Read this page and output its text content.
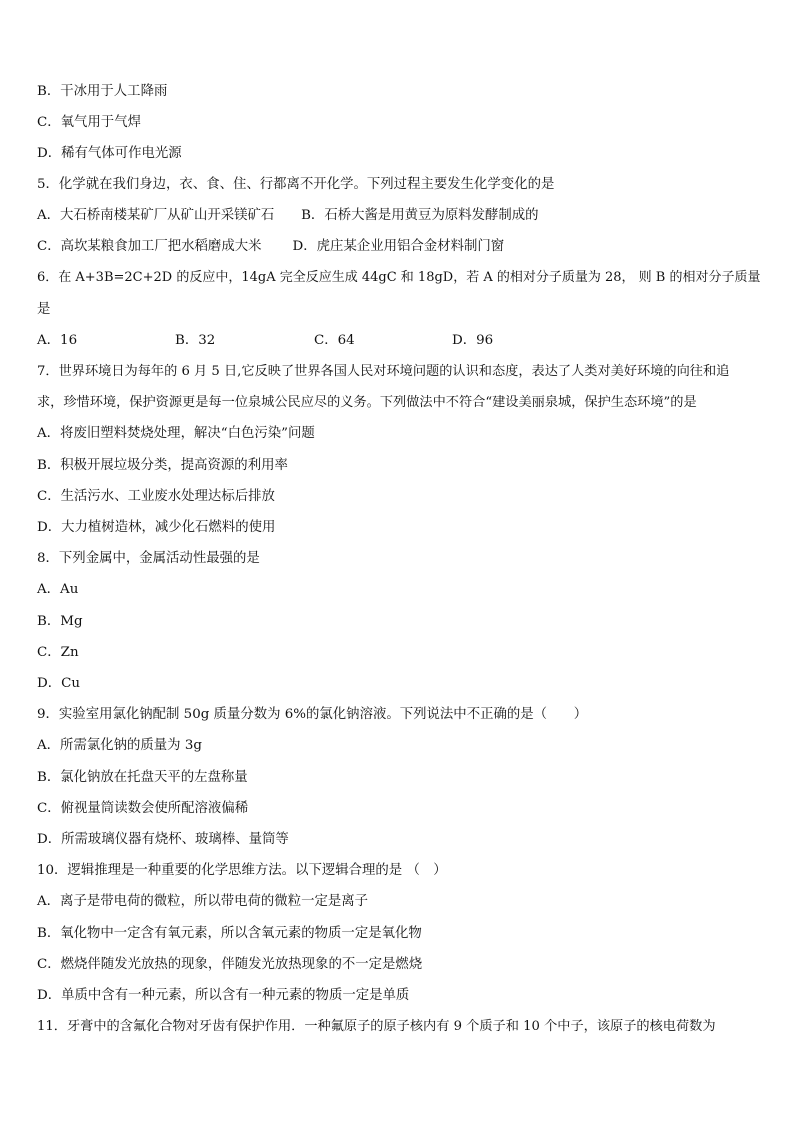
B．干冰用于人工降雨
C．氧气用于气焊
D．稀有气体可作电光源
5．化学就在我们身边，衣、食、住、行都离不开化学。下列过程主要发生化学变化的是
A．大石桥南楼某矿厂从矿山开采镁矿石　　B．石桥大酱是用黄豆为原料发酵制成的
C．高坎某粮食加工厂把水稻磨成大米　　 D．虎庄某企业用铝合金材料制门窗
6．在 A+3B=2C+2D 的反应中，14gA 完全反应生成 44gC 和 18gD，若 A 的相对分子质量为 28， 则 B 的相对分子质量
是
A．16	B．32	C．64	D．96
7．世界环境日为每年的 6 月 5 日,它反映了世界各国人民对环境问题的认识和态度，表达了人类对美好环境的向往和追
求，珍惜环境，保护资源更是每一位泉城公民应尽的义务。下列做法中不符合“建设美丽泉城，保护生态环境”的是
A．将废旧塑料焚烧处理，解决“白色污染”问题
B．积极开展垃圾分类，提高资源的利用率
C．生活污水、工业废水处理达标后排放
D．大力植树造林，减少化石燃料的使用
8．下列金属中，金属活动性最强的是
A．Au
B．Mg
C．Zn
D．Cu
9．实验室用氯化钠配制 50g 质量分数为 6%的氯化钠溶液。下列说法中不正确的是（　　）
A．所需氯化钠的质量为 3g
B．氯化钠放在托盘天平的左盘称量
C．俯视量筒读数会使所配溶液偏稀
D．所需玻璃仪器有烧杯、玻璃棒、量筒等
10．逻辑推理是一种重要的化学思维方法。以下逻辑合理的是 （　）
A．离子是带电荷的微粒，所以带电荷的微粒一定是离子
B．氧化物中一定含有氧元素，所以含氧元素的物质一定是氧化物
C．燃烧伴随发光放热的现象，伴随发光放热现象的不一定是燃烧
D．单质中含有一种元素，所以含有一种元素的物质一定是单质
11．牙膏中的含氟化合物对牙齿有保护作用．一种氟原子的原子核内有 9 个质子和 10 个中子，该原子的核电荷数为
